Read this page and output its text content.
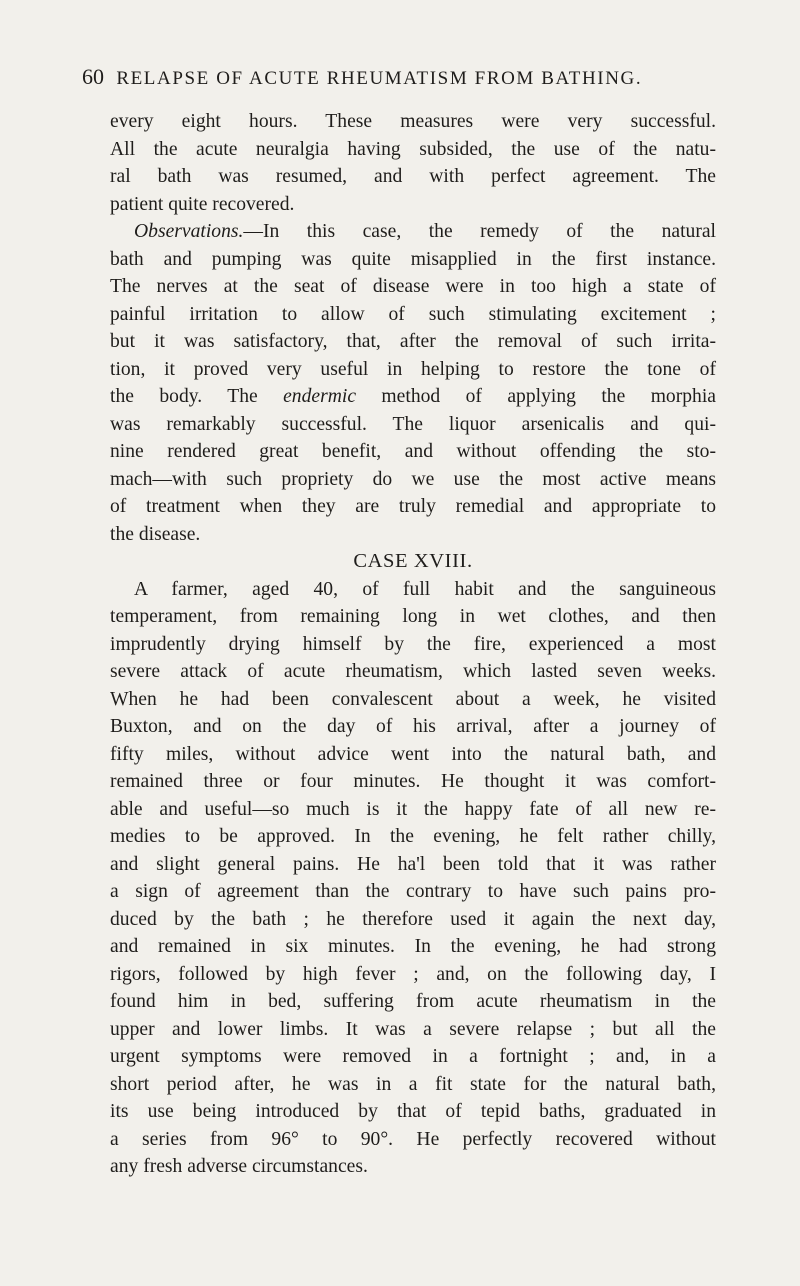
60 RELAPSE OF ACUTE RHEUMATISM FROM BATHING.
every eight hours. These measures were very successful.
All the acute neuralgia having subsided, the use of the natu-
ral bath was resumed, and with perfect agreement. The
patient quite recovered.
Observations.—In this case, the remedy of the natural
bath and pumping was quite misapplied in the first instance.
The nerves at the seat of disease were in too high a state of
painful irritation to allow of such stimulating excitement ;
but it was satisfactory, that, after the removal of such irrita-
tion, it proved very useful in helping to restore the tone of
the body. The endermic method of applying the morphia
was remarkably successful. The liquor arsenicalis and qui-
nine rendered great benefit, and without offending the sto-
mach—with such propriety do we use the most active means
of treatment when they are truly remedial and appropriate to
the disease.
CASE XVIII.
A farmer, aged 40, of full habit and the sanguineous
temperament, from remaining long in wet clothes, and then
imprudently drying himself by the fire, experienced a most
severe attack of acute rheumatism, which lasted seven weeks.
When he had been convalescent about a week, he visited
Buxton, and on the day of his arrival, after a journey of
fifty miles, without advice went into the natural bath, and
remained three or four minutes. He thought it was comfort-
able and useful—so much is it the happy fate of all new re-
medies to be approved. In the evening, he felt rather chilly,
and slight general pains. He ha'l been told that it was rather
a sign of agreement than the contrary to have such pains pro-
duced by the bath ; he therefore used it again the next day,
and remained in six minutes. In the evening, he had strong
rigors, followed by high fever ; and, on the following day, I
found him in bed, suffering from acute rheumatism in the
upper and lower limbs. It was a severe relapse ; but all the
urgent symptoms were removed in a fortnight ; and, in a
short period after, he was in a fit state for the natural bath,
its use being introduced by that of tepid baths, graduated in
a series from 96° to 90°. He perfectly recovered without
any fresh adverse circumstances.
